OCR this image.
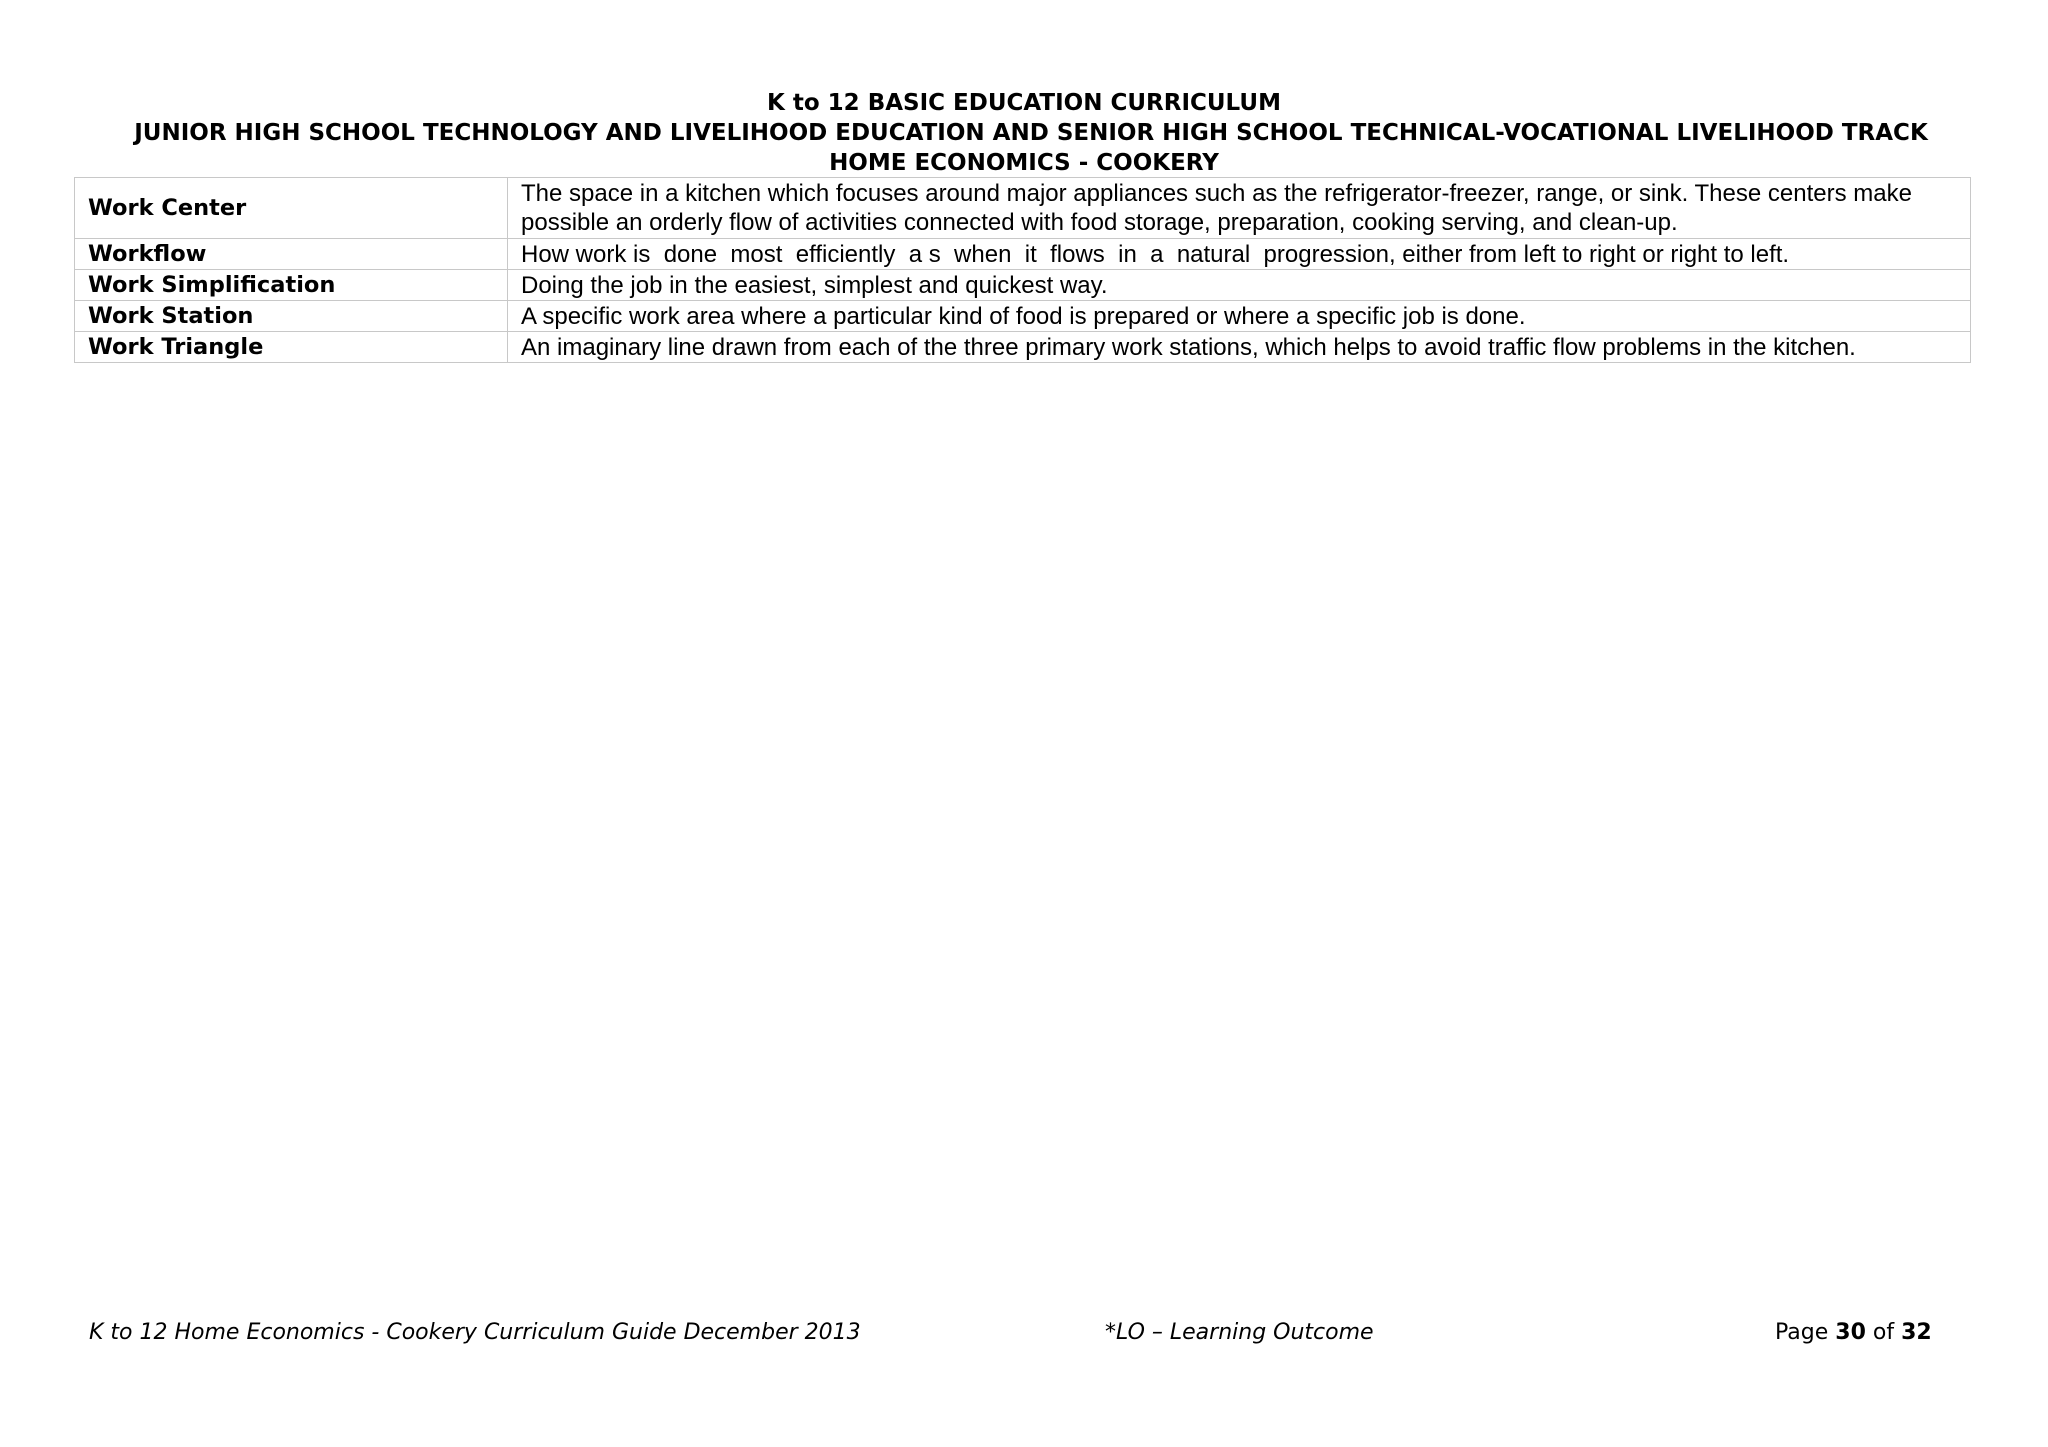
K to 12 BASIC EDUCATION CURRICULUM
JUNIOR HIGH SCHOOL TECHNOLOGY AND LIVELIHOOD EDUCATION AND SENIOR HIGH SCHOOL TECHNICAL-VOCATIONAL LIVELIHOOD TRACK
HOME ECONOMICS - COOKERY
Work Center	The space in a kitchen which focuses around major appliances such as the refrigerator-freezer, range, or sink. These centers make possible an orderly flow of activities connected with food storage, preparation, cooking serving, and clean-up.
Workflow	How work is  done  most  efficiently  a s  when  it  flows  in  a  natural  progression, either from left to right or right to left.
Work Simplification	Doing the job in the easiest, simplest and quickest way.
Work Station	A specific work area where a particular kind of food is prepared or where a specific job is done.
Work Triangle	An imaginary line drawn from each of the three primary work stations, which helps to avoid traffic flow problems in the kitchen.
K to 12 Home Economics - Cookery Curriculum Guide December 2013	*LO – Learning Outcome	Page 30 of 32
